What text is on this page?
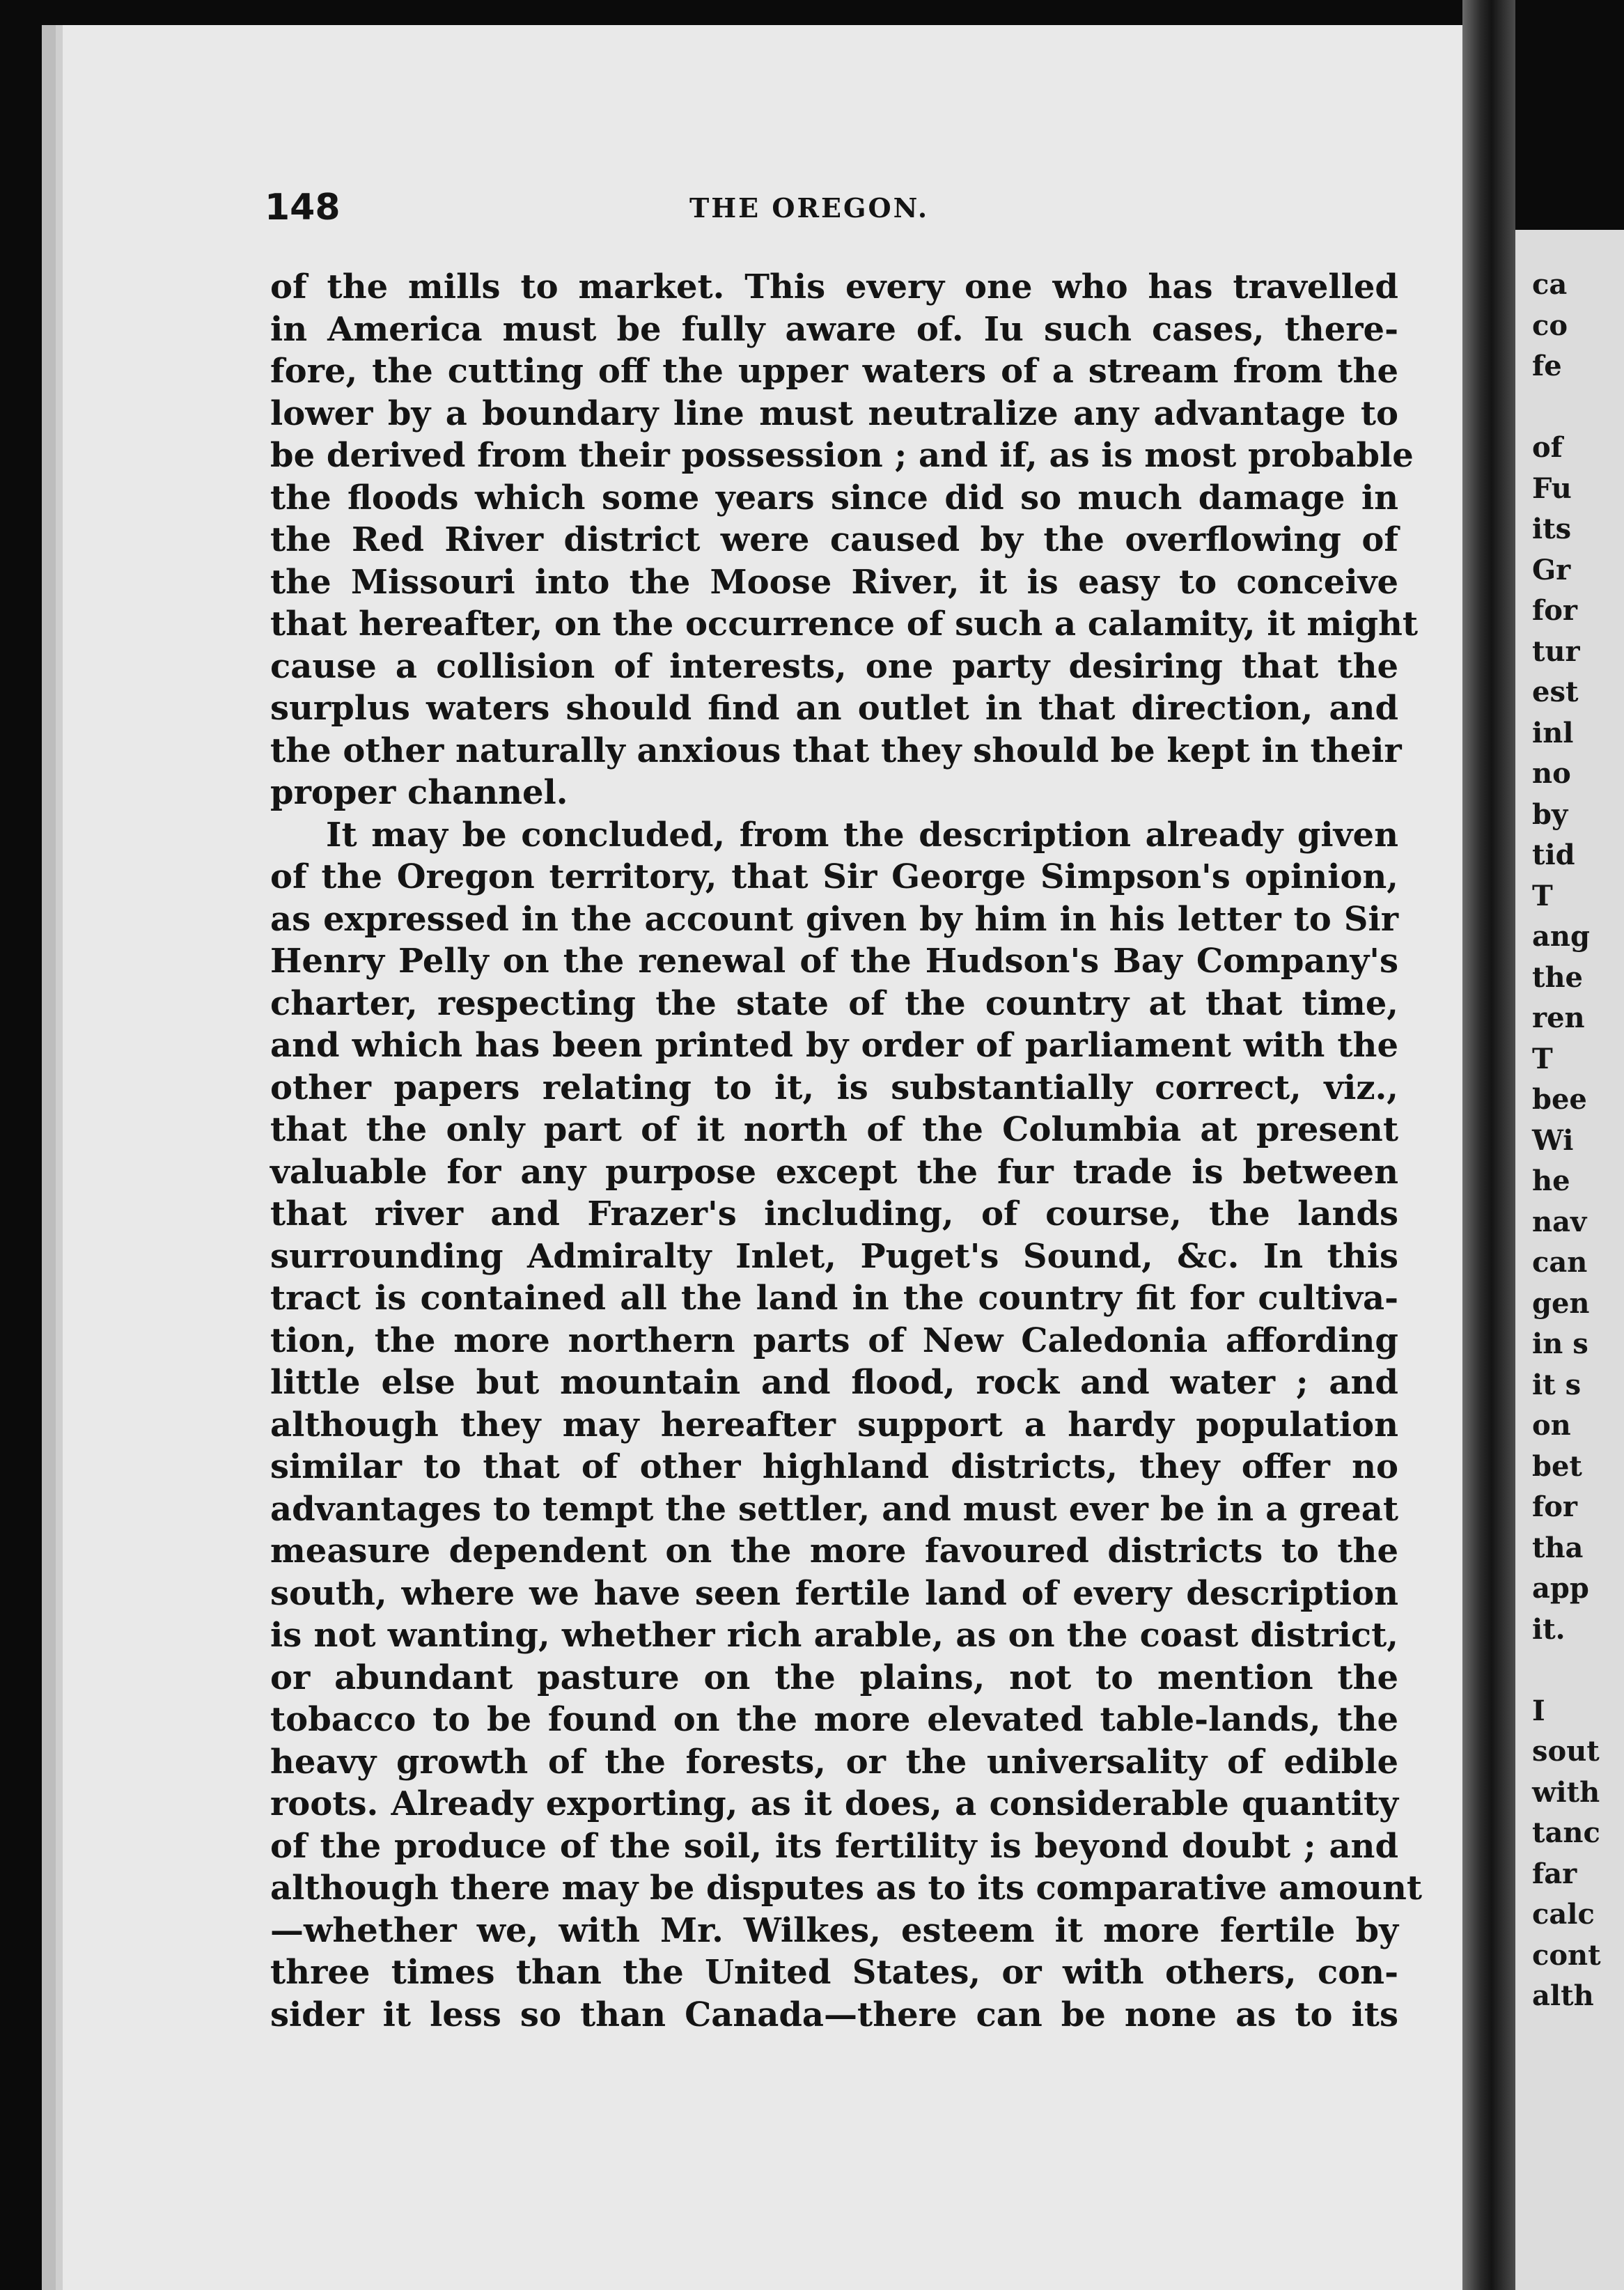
148	THE OREGON.
of the mills to market. This every one who has travelled
in America must be fully aware of. Iu such cases, there-
fore, the cutting off the upper waters of a stream from the
lower by a boundary line must neutralize any advantage to
be derived from their possession ; and if, as is most probable
the floods which some years since did so much damage in
the Red River district were caused by the overflowing of
the Missouri into the Moose River, it is easy to conceive
that hereafter, on the occurrence of such a calamity, it might
cause a collision of interests, one party desiring that the
surplus waters should find an outlet in that direction, and
the other naturally anxious that they should be kept in their
proper channel.
It may be concluded, from the description already given
of the Oregon territory, that Sir George Simpson's opinion,
as expressed in the account given by him in his letter to Sir
Henry Pelly on the renewal of the Hudson's Bay Company's
charter, respecting the state of the country at that time,
and which has been printed by order of parliament with the
other papers relating to it, is substantially correct, viz.,
that the only part of it north of the Columbia at present
valuable for any purpose except the fur trade is between
that river and Frazer's including, of course, the lands
surrounding Admiralty Inlet, Puget's Sound, &c. In this
tract is contained all the land in the country fit for cultiva-
tion, the more northern parts of New Caledonia affording
little else but mountain and flood, rock and water ; and
although they may hereafter support a hardy population
similar to that of other highland districts, they offer no
advantages to tempt the settler, and must ever be in a great
measure dependent on the more favoured districts to the
south, where we have seen fertile land of every description
is not wanting, whether rich arable, as on the coast district,
or abundant pasture on the plains, not to mention the
tobacco to be found on the more elevated table-lands, the
heavy growth of the forests, or the universality of edible
roots. Already exporting, as it does, a considerable quantity
of the produce of the soil, its fertility is beyond doubt ; and
although there may be disputes as to its comparative amount
—whether we, with Mr. Wilkes, esteem it more fertile by
three times than the United States, or with others, con-
sider it less so than Canada—there can be none as to its
ca
co
fe
of
Fu
its
Gr
for
tur
est
inl
no
by
tid
T
ang
the
ren
T
bee
Wi
he
nav
can
gen
in s
it s
on
bet
for
tha
app
it.
I
sout
with
tanc
far
calc
cont
alth
